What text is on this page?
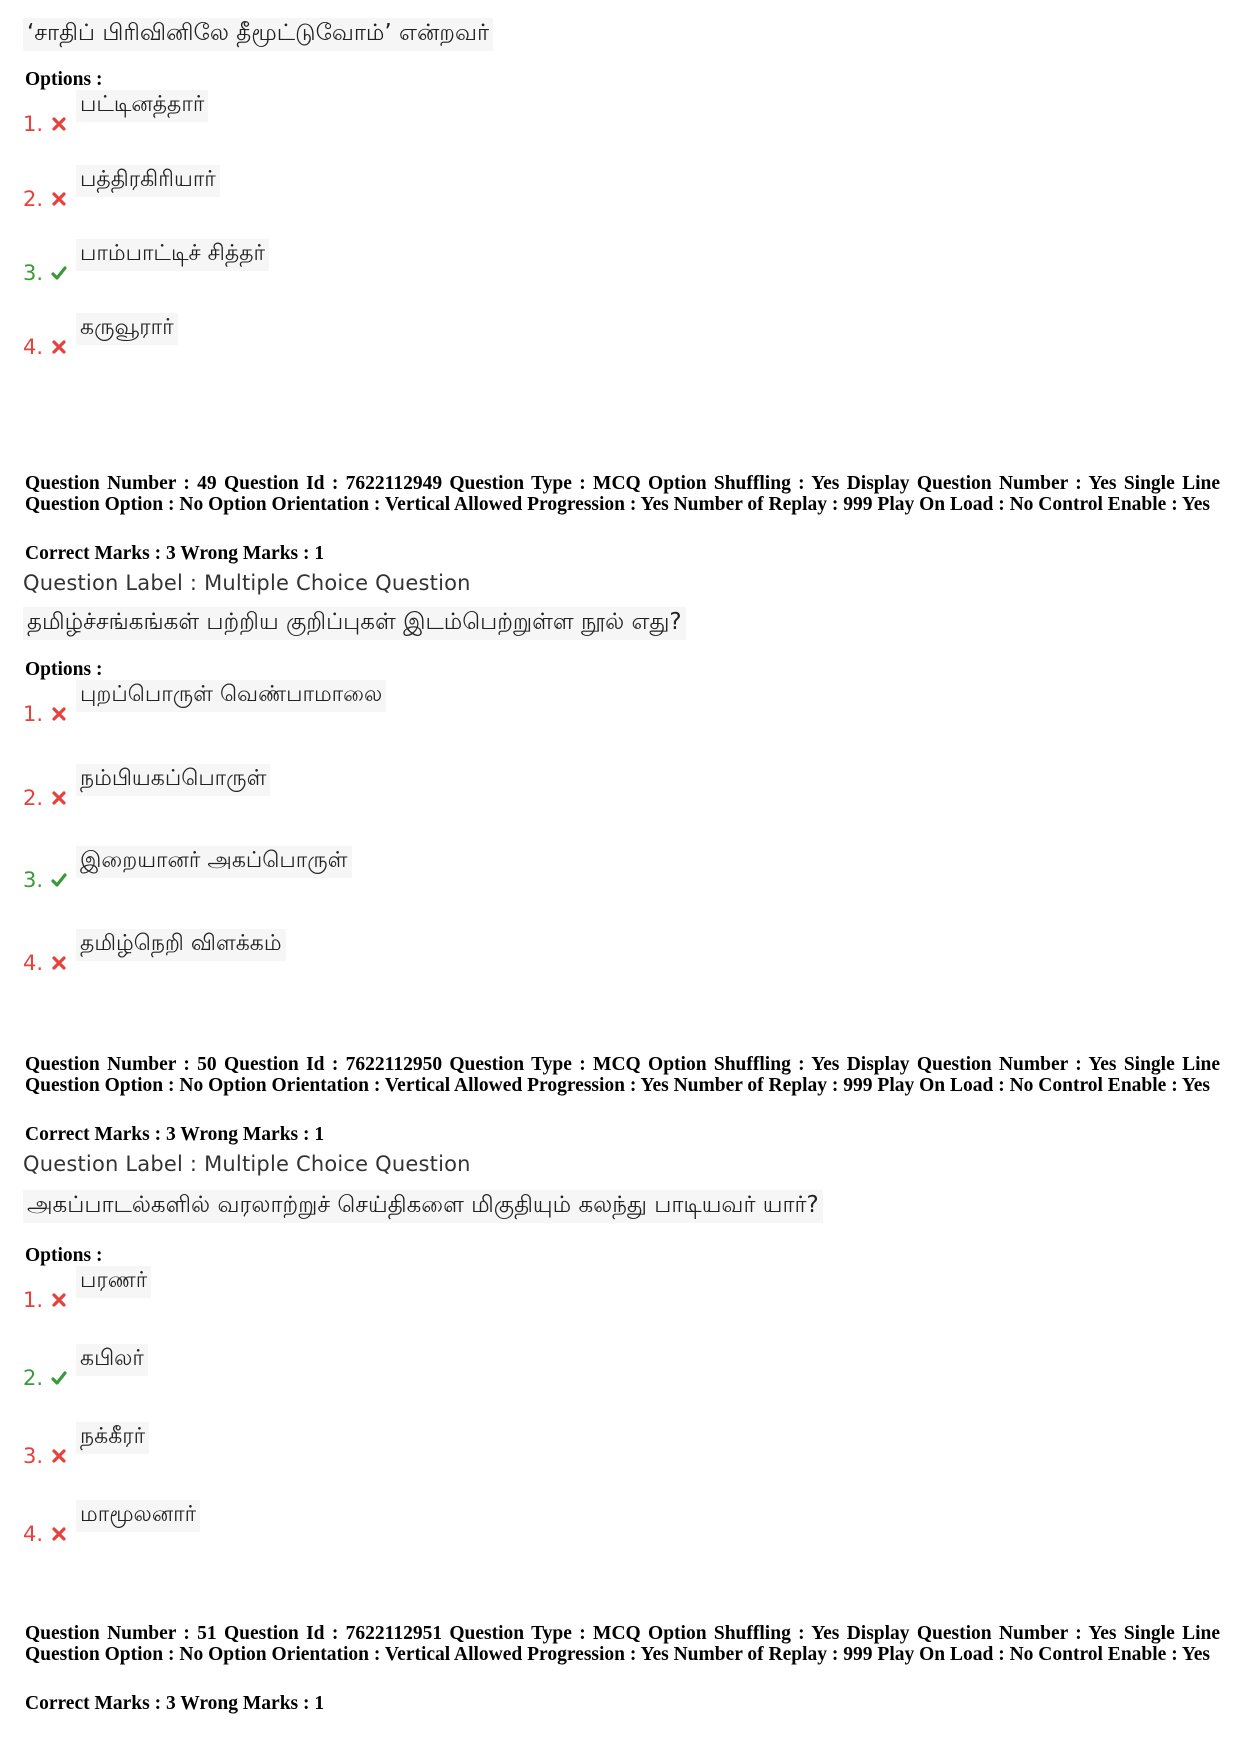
‘சாதிப் பிரிவினிலே தீமூட்டுவோம்’ என்றவர்
Options :
1.
பட்டினத்தார்
2.
பத்திரகிரியார்
3.
பாம்பாட்டிச் சித்தர்
4.
கருவூரார்
Question Number : 49 Question Id : 7622112949 Question Type : MCQ Option Shuffling : Yes Display Question Number : Yes Single Line Question Option : No Option Orientation : Vertical Allowed Progression : Yes Number of Replay : 999 Play On Load : No Control Enable : Yes
Correct Marks : 3 Wrong Marks : 1
Question Label : Multiple Choice Question
தமிழ்ச்சங்கங்கள் பற்றிய குறிப்புகள் இடம்பெற்றுள்ள நூல் எது?
Options :
1.
புறப்பொருள் வெண்பாமாலை
2.
நம்பியகப்பொருள்
3.
இறையானர் அகப்பொருள்
4.
தமிழ்நெறி விளக்கம்
Question Number : 50 Question Id : 7622112950 Question Type : MCQ Option Shuffling : Yes Display Question Number : Yes Single Line Question Option : No Option Orientation : Vertical Allowed Progression : Yes Number of Replay : 999 Play On Load : No Control Enable : Yes
Correct Marks : 3 Wrong Marks : 1
Question Label : Multiple Choice Question
அகப்பாடல்களில் வரலாற்றுச் செய்திகளை மிகுதியும் கலந்து பாடியவர் யார்?
Options :
1.
பரணர்
2.
கபிலர்
3.
நக்கீரர்
4.
மாமூலனார்
Question Number : 51 Question Id : 7622112951 Question Type : MCQ Option Shuffling : Yes Display Question Number : Yes Single Line Question Option : No Option Orientation : Vertical Allowed Progression : Yes Number of Replay : 999 Play On Load : No Control Enable : Yes
Correct Marks : 3 Wrong Marks : 1
